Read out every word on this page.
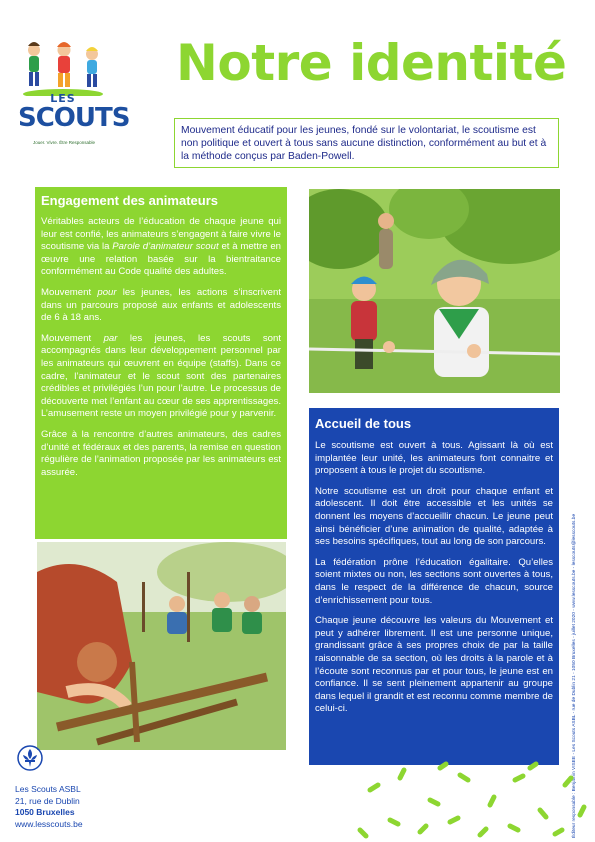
LES
SCOUTS
Jouer. Vivre. Être Responsable
Notre identité
Mouvement éducatif pour les jeunes, fondé sur le volontariat, le scoutisme est non politique et ouvert à tous sans aucune distinction, conformément au but et à la méthode conçus par Baden-Powell.
Engagement des animateurs

Véritables acteurs de l’éducation de chaque jeune qui leur est confié, les animateurs s’engagent à faire vivre le scoutisme via la Parole d’animateur scout et à mettre en œuvre une relation basée sur la bientraitance conformément au Code qualité des adultes.

Mouvement pour les jeunes, les actions s’inscrivent dans un parcours proposé aux enfants et adolescents de 6 à 18 ans.

Mouvement par les jeunes, les scouts sont accompagnés dans leur développement personnel par les animateurs qui œuvrent en équipe (staffs). Dans ce cadre, l’animateur et le scout sont des partenaires crédibles et privilégiés l’un pour l’autre. Le processus de découverte met l’enfant au cœur de ses apprentissages. L’amusement reste un moyen privilégié pour y parvenir.

Grâce à la rencontre d’autres animateurs, des cadres d’unité et fédéraux et des parents, la remise en question régulière de l’animation proposée par les animateurs est assurée.

Accueil de tous

Le scoutisme est ouvert à tous. Agissant là où est implantée leur unité, les animateurs font connaitre et proposent à tous le projet du scoutisme.

Notre scoutisme est un droit pour chaque enfant et adolescent. Il doit être accessible et les unités se donnent les moyens d’accueillir chacun. Le jeune peut ainsi bénéficier d’une animation de qualité, adaptée à ses besoins spécifiques, tout au long de son parcours.

La fédération prône l’éducation égalitaire. Qu’elles soient mixtes ou non, les sections sont ouvertes à tous, dans le respect de la différence de chacun, source d’enrichissement pour tous.

Chaque jeune découvre les valeurs du Mouvement et peut y adhérer librement. Il est une personne unique, grandissant grâce à ses propres choix de par la taille raisonnable de sa section, où les droits à la parole et à l’écoute sont reconnus par et pour tous, le jeune est en confiance. Il se sent pleinement appartenir au groupe dans lequel il grandit et est reconnu comme membre de celui-ci.	Éditeur responsable : Benjamin VISEE - Les Scouts ASBL - rue de Dublin 21 - 1050 Bruxelles - juillet 2020 - www.lesscouts.be - lesscouts@lesscouts.be
Les Scouts ASBL
21, rue de Dublin
1050 Bruxelles
www.lesscouts.be
